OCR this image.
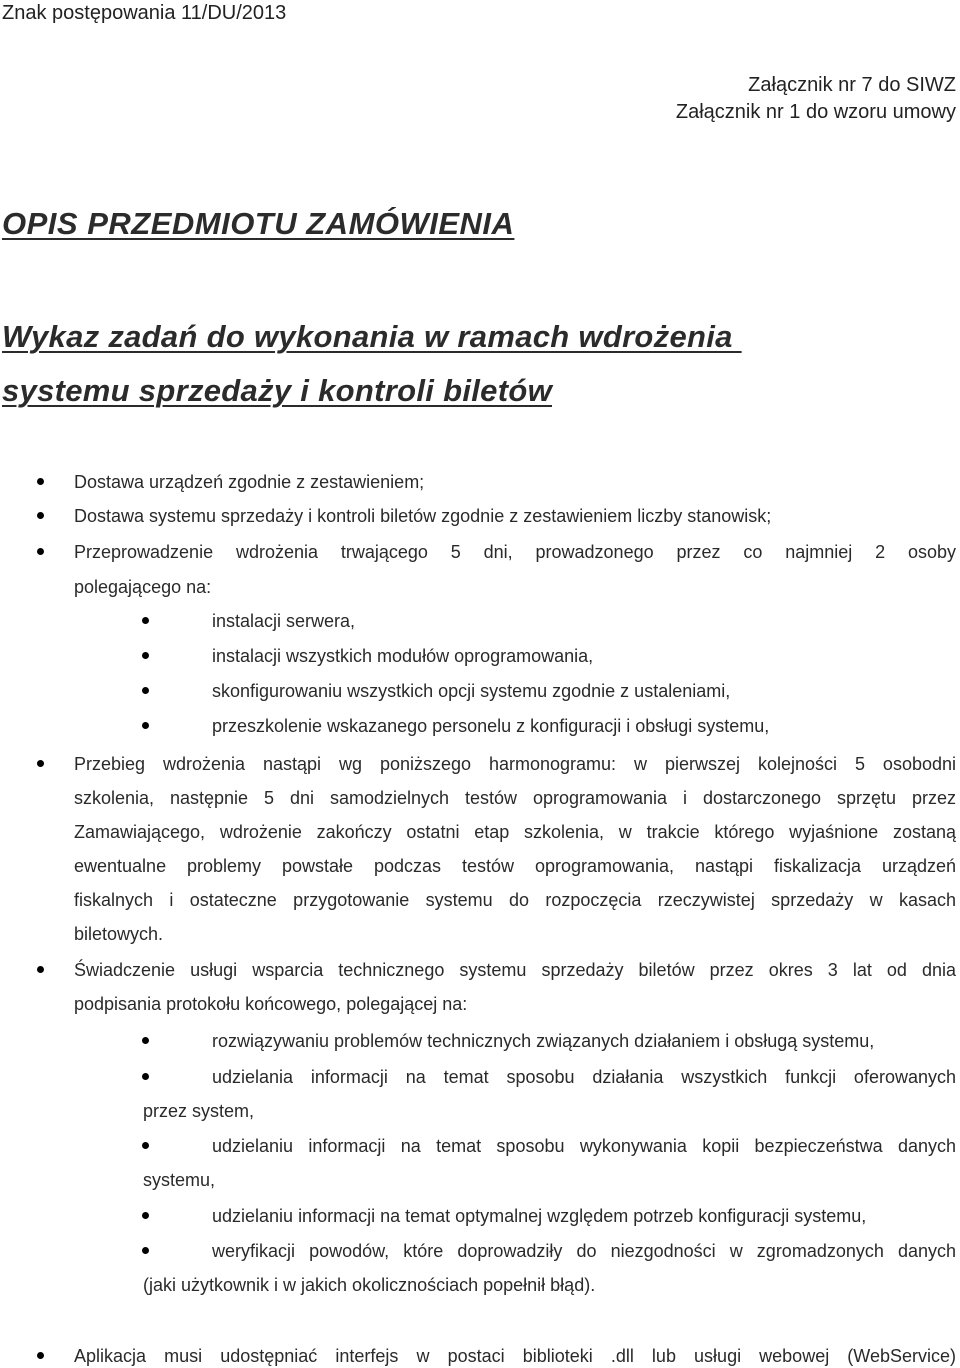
Znak postępowania 11/DU/2013
Załącznik nr 7 do SIWZ
Załącznik nr 1 do wzoru umowy
OPIS PRZEDMIOTU ZAMÓWIENIA
Wykaz zadań do wykonania w ramach wdrożenia
systemu sprzedaży i kontroli biletów
Dostawa urządzeń zgodnie z zestawieniem;
Dostawa systemu sprzedaży i kontroli biletów zgodnie z zestawieniem liczby stanowisk;
Przeprowadzenie wdrożenia trwającego 5 dni, prowadzonego przez co najmniej 2 osoby
polegającego na:
instalacji serwera,
instalacji wszystkich modułów oprogramowania,
skonfigurowaniu wszystkich opcji systemu zgodnie z ustaleniami,
przeszkolenie wskazanego personelu z konfiguracji i obsługi systemu,
Przebieg wdrożenia nastąpi wg poniższego harmonogramu: w pierwszej kolejności 5 osobodni
szkolenia, następnie 5 dni samodzielnych testów oprogramowania i dostarczonego sprzętu przez
Zamawiającego, wdrożenie zakończy ostatni etap szkolenia, w trakcie którego wyjaśnione zostaną
ewentualne problemy powstałe podczas testów oprogramowania, nastąpi fiskalizacja urządzeń
fiskalnych i ostateczne przygotowanie systemu do rozpoczęcia rzeczywistej sprzedaży w kasach
biletowych.
Świadczenie usługi wsparcia technicznego systemu sprzedaży biletów przez okres 3 lat od dnia
podpisania protokołu końcowego, polegającej na:
rozwiązywaniu problemów technicznych związanych działaniem i obsługą systemu,
udzielania informacji na temat sposobu działania wszystkich funkcji oferowanych
przez system,
udzielaniu informacji na temat sposobu wykonywania kopii bezpieczeństwa danych
systemu,
udzielaniu informacji na temat optymalnej względem potrzeb konfiguracji systemu,
weryfikacji powodów, które doprowadziły do niezgodności w zgromadzonych danych
(jaki użytkownik i w jakich okolicznościach popełnił błąd).
Aplikacja musi udostępniać interfejs w postaci biblioteki .dll lub usługi webowej (WebService)
